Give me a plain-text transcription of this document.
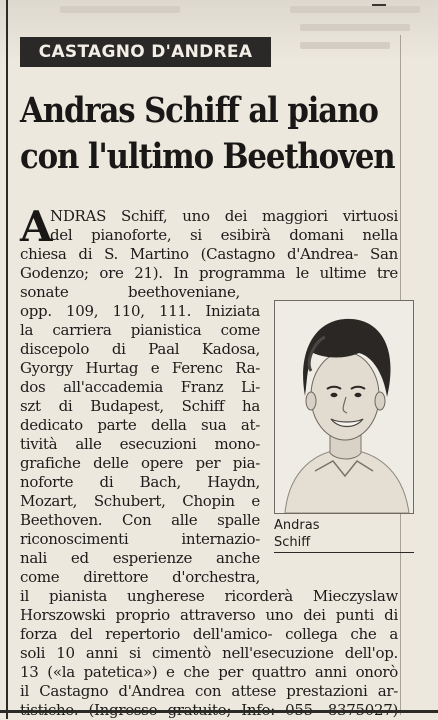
CASTAGNO D'ANDREA
Andras Schiff al piano
con l'ultimo Beethoven
A
NDRAS Schiff, uno dei maggiori virtuosi
del pianoforte, si esibirà domani nella
chiesa di S. Martino (Castagno d'Andrea- San
Godenzo; ore 21). In programma le ultime tre
sonate beethoveniane,
opp. 109, 110, 111. Iniziata
la carriera pianistica come
discepolo di Paal Kadosa,
Gyorgy Hurtag e Ferenc Ra-
dos all'accademia Franz Li-
szt di Budapest, Schiff ha
dedicato parte della sua at-
tività alle esecuzioni mono-
grafiche delle opere per pia-
noforte di Bach, Haydn,
Mozart, Schubert, Chopin e
Beethoven. Con alle spalle
riconoscimenti internazio-
nali ed esperienze anche
come direttore d'orchestra,
il pianista ungherese ricorderà Mieczyslaw
Horszowski proprio attraverso uno dei punti di
forza del repertorio dell'amico- collega che a
soli 10 anni si cimentò nell'esecuzione dell'op.
13 («la patetica») e che per quattro anni onorò
il Castagno d'Andrea con attese prestazioni ar-
Andras
Schiff
